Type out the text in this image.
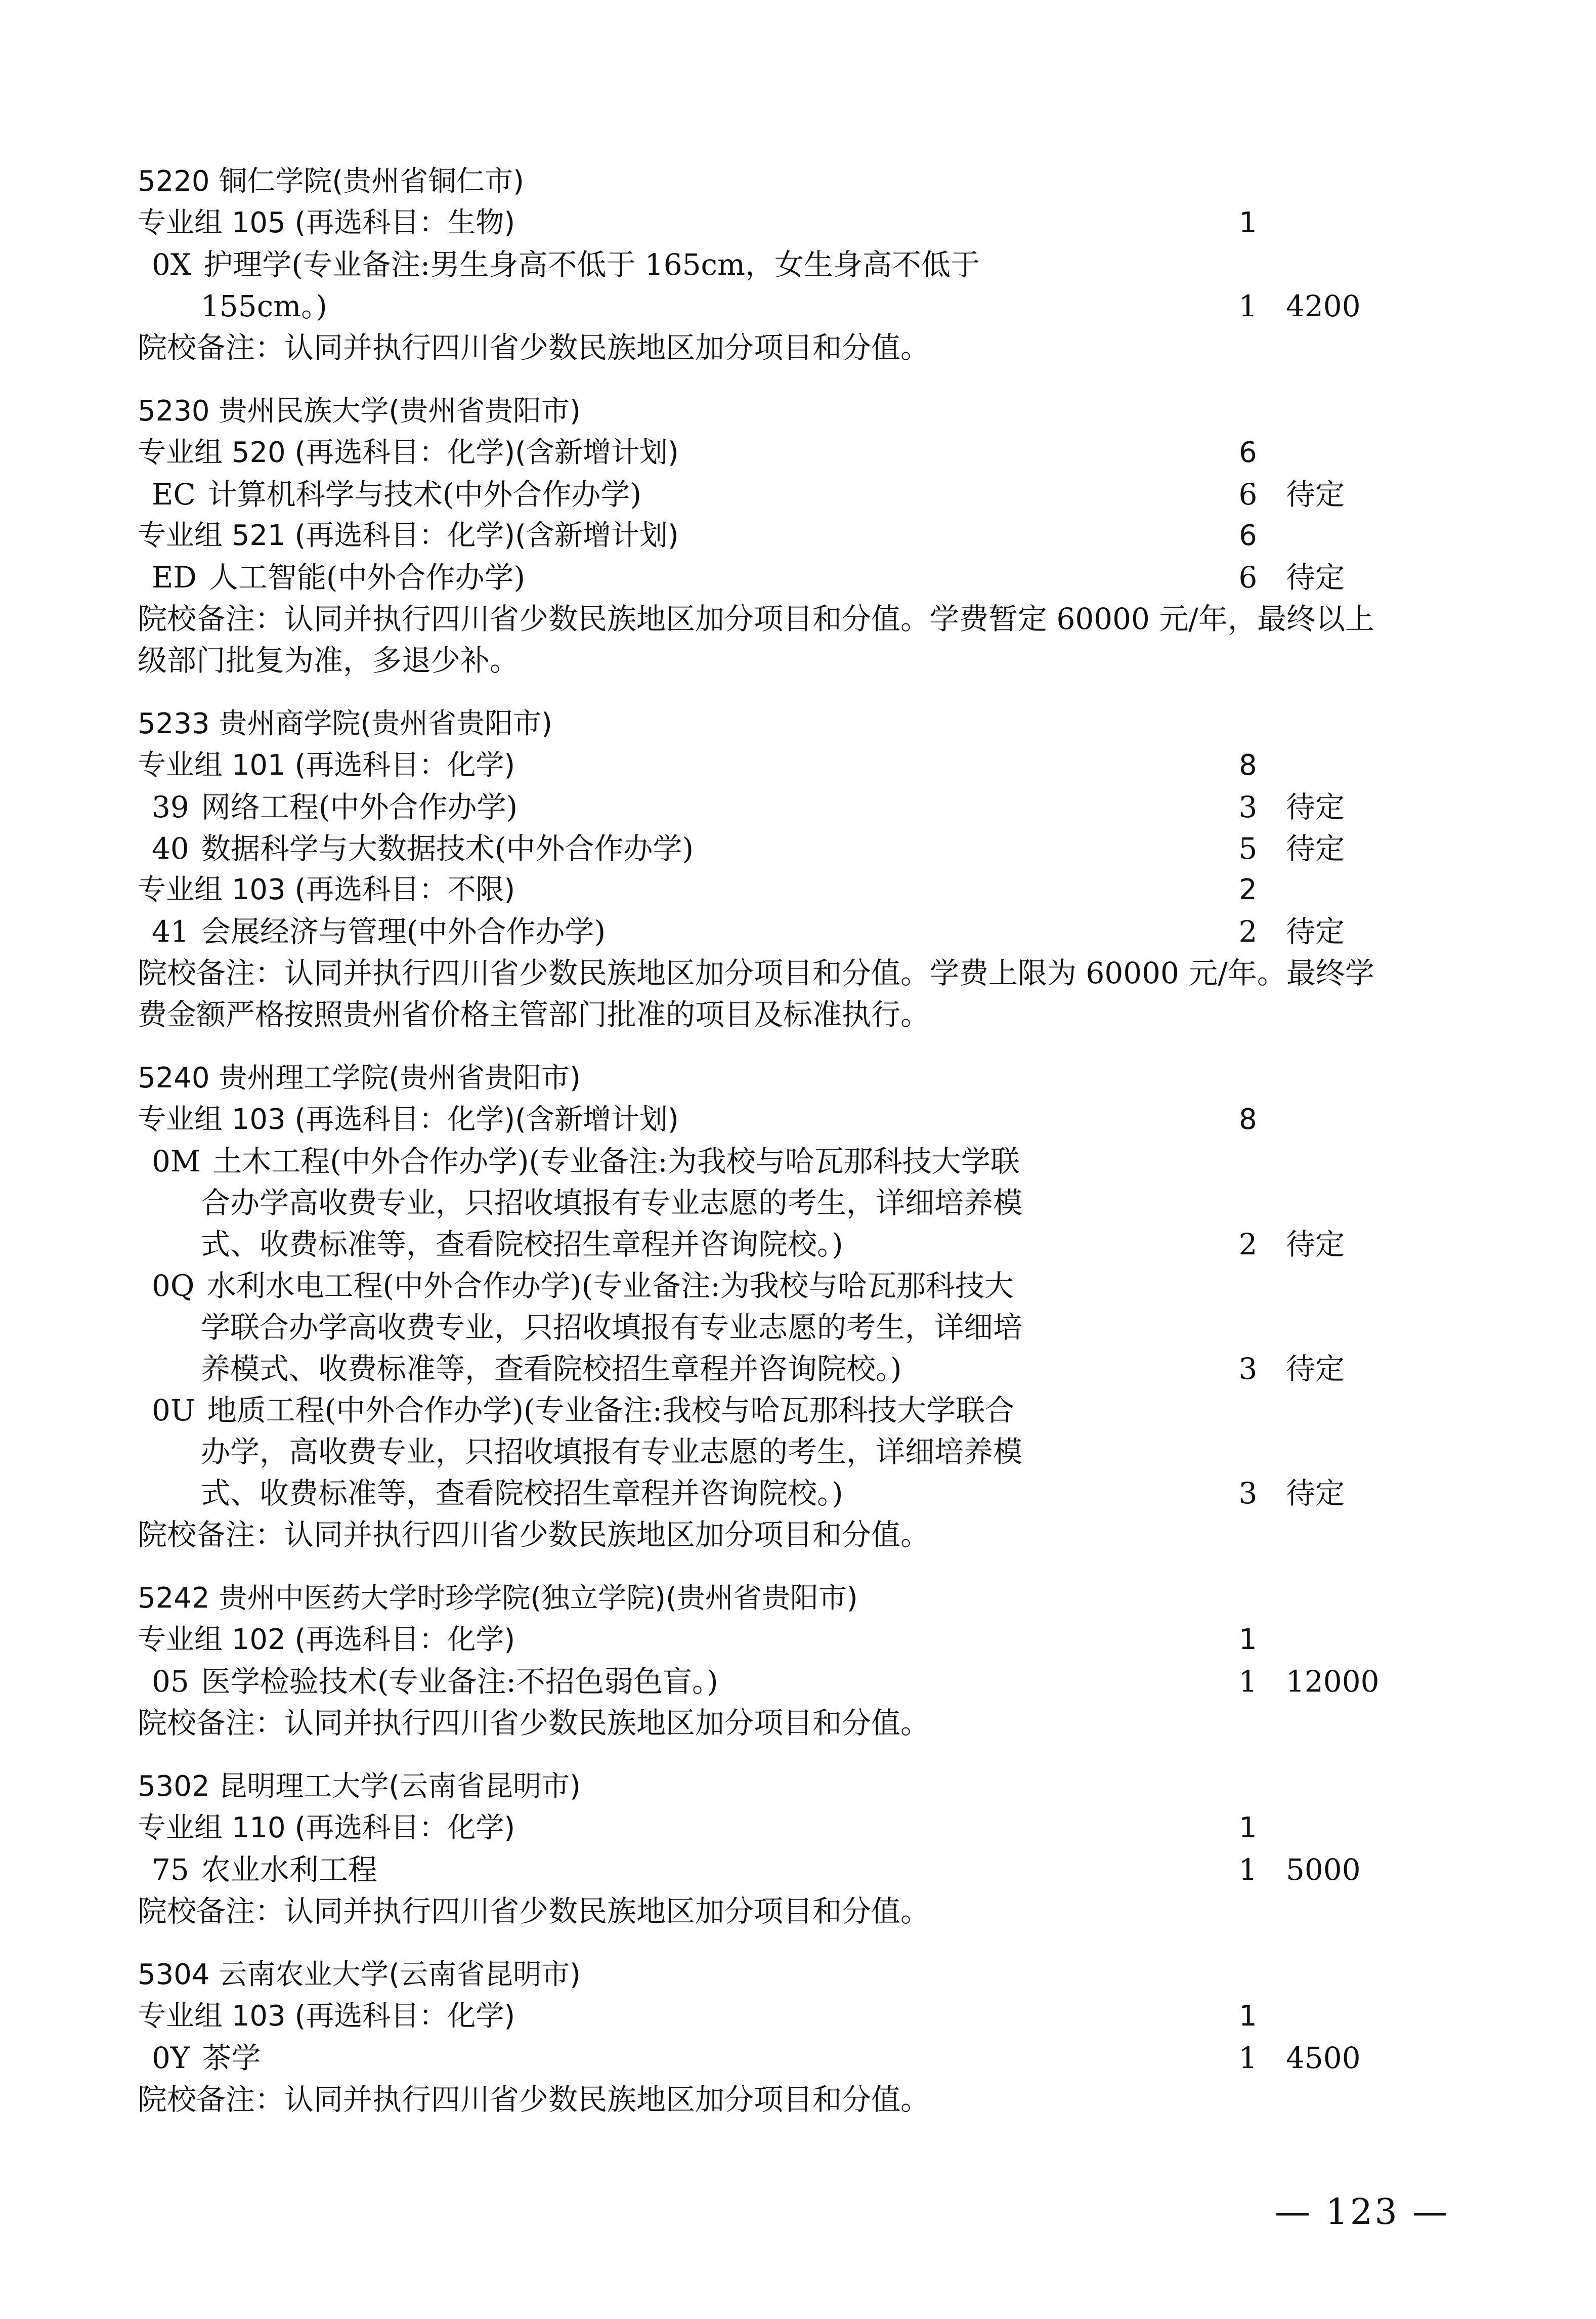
5220 铜仁学院(贵州省铜仁市)
专业组 105 (再选科目：生物)	1
0X 护理学(专业备注:男生身高不低于 165cm，女生身高不低于
155cm。)	1 4200
院校备注：认同并执行四川省少数民族地区加分项目和分值。
5230 贵州民族大学(贵州省贵阳市)
专业组 520 (再选科目：化学)(含新增计划)	6
EC 计算机科学与技术(中外合作办学)	6 待定
专业组 521 (再选科目：化学)(含新增计划)	6
ED 人工智能(中外合作办学)	6 待定
院校备注：认同并执行四川省少数民族地区加分项目和分值。学费暂定 60000 元/年，最终以上
级部门批复为准，多退少补。
5233 贵州商学院(贵州省贵阳市)
专业组 101 (再选科目：化学)	8
39 网络工程(中外合作办学)	3 待定
40 数据科学与大数据技术(中外合作办学)	5 待定
专业组 103 (再选科目：不限)	2
41 会展经济与管理(中外合作办学)	2 待定
院校备注：认同并执行四川省少数民族地区加分项目和分值。学费上限为 60000 元/年。最终学
费金额严格按照贵州省价格主管部门批准的项目及标准执行。
5240 贵州理工学院(贵州省贵阳市)
专业组 103 (再选科目：化学)(含新增计划)	8
0M 土木工程(中外合作办学)(专业备注:为我校与哈瓦那科技大学联
合办学高收费专业，只招收填报有专业志愿的考生，详细培养模
式、收费标准等，查看院校招生章程并咨询院校。)	2 待定
0Q 水利水电工程(中外合作办学)(专业备注:为我校与哈瓦那科技大
学联合办学高收费专业，只招收填报有专业志愿的考生，详细培
养模式、收费标准等，查看院校招生章程并咨询院校。)	3 待定
0U 地质工程(中外合作办学)(专业备注:我校与哈瓦那科技大学联合
办学，高收费专业，只招收填报有专业志愿的考生，详细培养模
式、收费标准等，查看院校招生章程并咨询院校。)	3 待定
院校备注：认同并执行四川省少数民族地区加分项目和分值。
5242 贵州中医药大学时珍学院(独立学院)(贵州省贵阳市)
专业组 102 (再选科目：化学)	1
05 医学检验技术(专业备注:不招色弱色盲。)	1 12000
院校备注：认同并执行四川省少数民族地区加分项目和分值。
5302 昆明理工大学(云南省昆明市)
专业组 110 (再选科目：化学)	1
75 农业水利工程	1 5000
院校备注：认同并执行四川省少数民族地区加分项目和分值。
5304 云南农业大学(云南省昆明市)
专业组 103 (再选科目：化学)	1
0Y 茶学	1 4500
院校备注：认同并执行四川省少数民族地区加分项目和分值。
— 123 —
